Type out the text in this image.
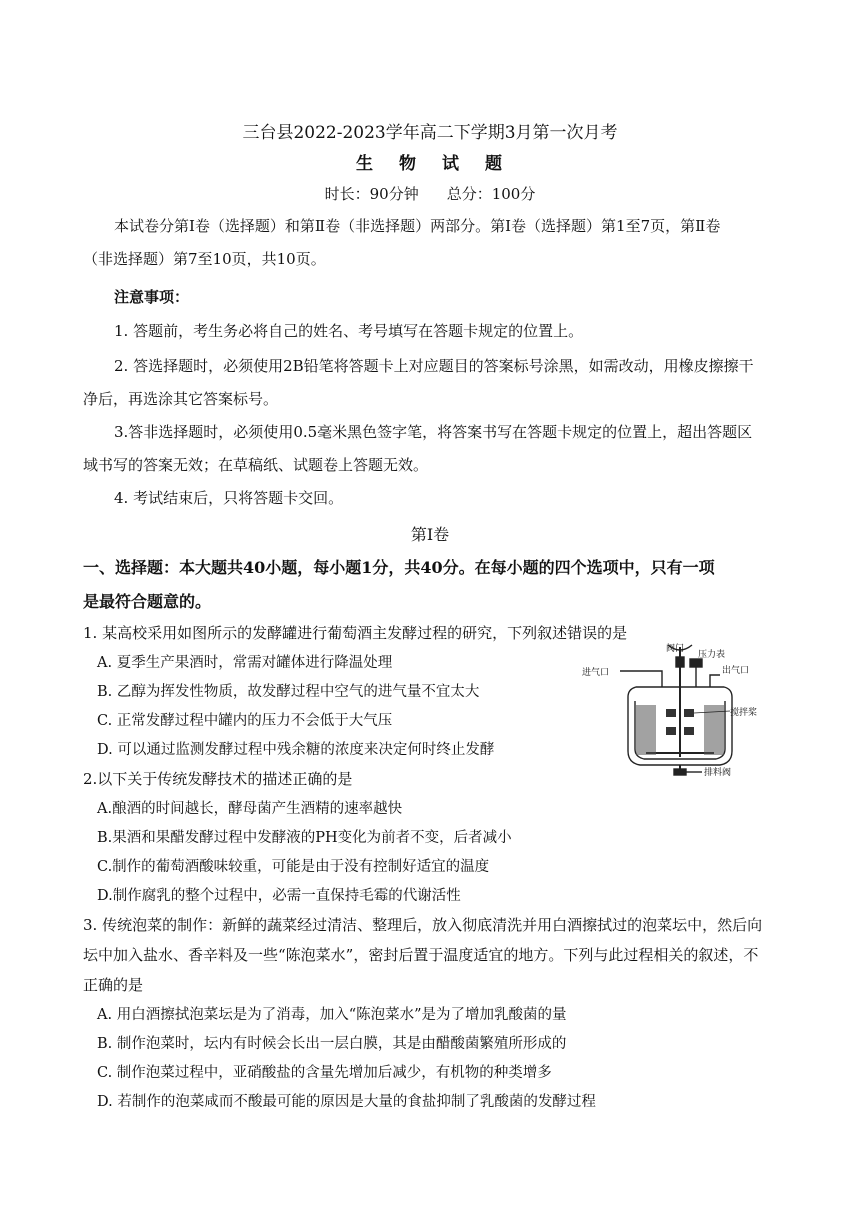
三台县2022-2023学年高二下学期3月第一次月考
生 物 试 题
时长：90分钟 总分：100分
本试卷分第Ⅰ卷（选择题）和第Ⅱ卷（非选择题）两部分。第Ⅰ卷（选择题）第1至7页，第Ⅱ卷
（非选择题）第7至10页，共10页。
注意事项：
1. 答题前，考生务必将自己的姓名、考号填写在答题卡规定的位置上。
2. 答选择题时，必须使用2B铅笔将答题卡上对应题目的答案标号涂黑，如需改动，用橡皮擦擦干
净后，再选涂其它答案标号。
3.答非选择题时，必须使用0.5毫米黑色签字笔，将答案书写在答题卡规定的位置上，超出答题区
域书写的答案无效；在草稿纸、试题卷上答题无效。
4. 考试结束后，只将答题卡交回。
第Ⅰ卷
一、选择题：本大题共40小题，每小题1分，共40分。在每小题的四个选项中，只有一项
是最符合题意的。
1. 某高校采用如图所示的发酵罐进行葡萄酒主发酵过程的研究，下列叙述错误的是
A. 夏季生产果酒时，常需对罐体进行降温处理
B. 乙醇为挥发性物质，故发酵过程中空气的进气量不宜太大
C. 正常发酵过程中罐内的压力不会低于大气压
D. 可以通过监测发酵过程中残余糖的浓度来决定何时终止发酵
阀门
压力表
进气口	出气口
搅拌桨
排料阀
2.以下关于传统发酵技术的描述正确的是
A.酿酒的时间越长，酵母菌产生酒精的速率越快
B.果酒和果醋发酵过程中发酵液的PH变化为前者不变，后者减小
C.制作的葡萄酒酸味较重，可能是由于没有控制好适宜的温度
D.制作腐乳的整个过程中，必需一直保持毛霉的代谢活性
3. 传统泡菜的制作：新鲜的蔬菜经过清洁、整理后，放入彻底清洗并用白酒擦拭过的泡菜坛中，然后向
坛中加入盐水、香辛料及一些“陈泡菜水”，密封后置于温度适宜的地方。下列与此过程相关的叙述，不
正确的是
A. 用白酒擦拭泡菜坛是为了消毒，加入“陈泡菜水”是为了增加乳酸菌的量
B. 制作泡菜时，坛内有时候会长出一层白膜，其是由醋酸菌繁殖所形成的
C. 制作泡菜过程中，亚硝酸盐的含量先增加后减少，有机物的种类增多
D. 若制作的泡菜咸而不酸最可能的原因是大量的食盐抑制了乳酸菌的发酵过程
